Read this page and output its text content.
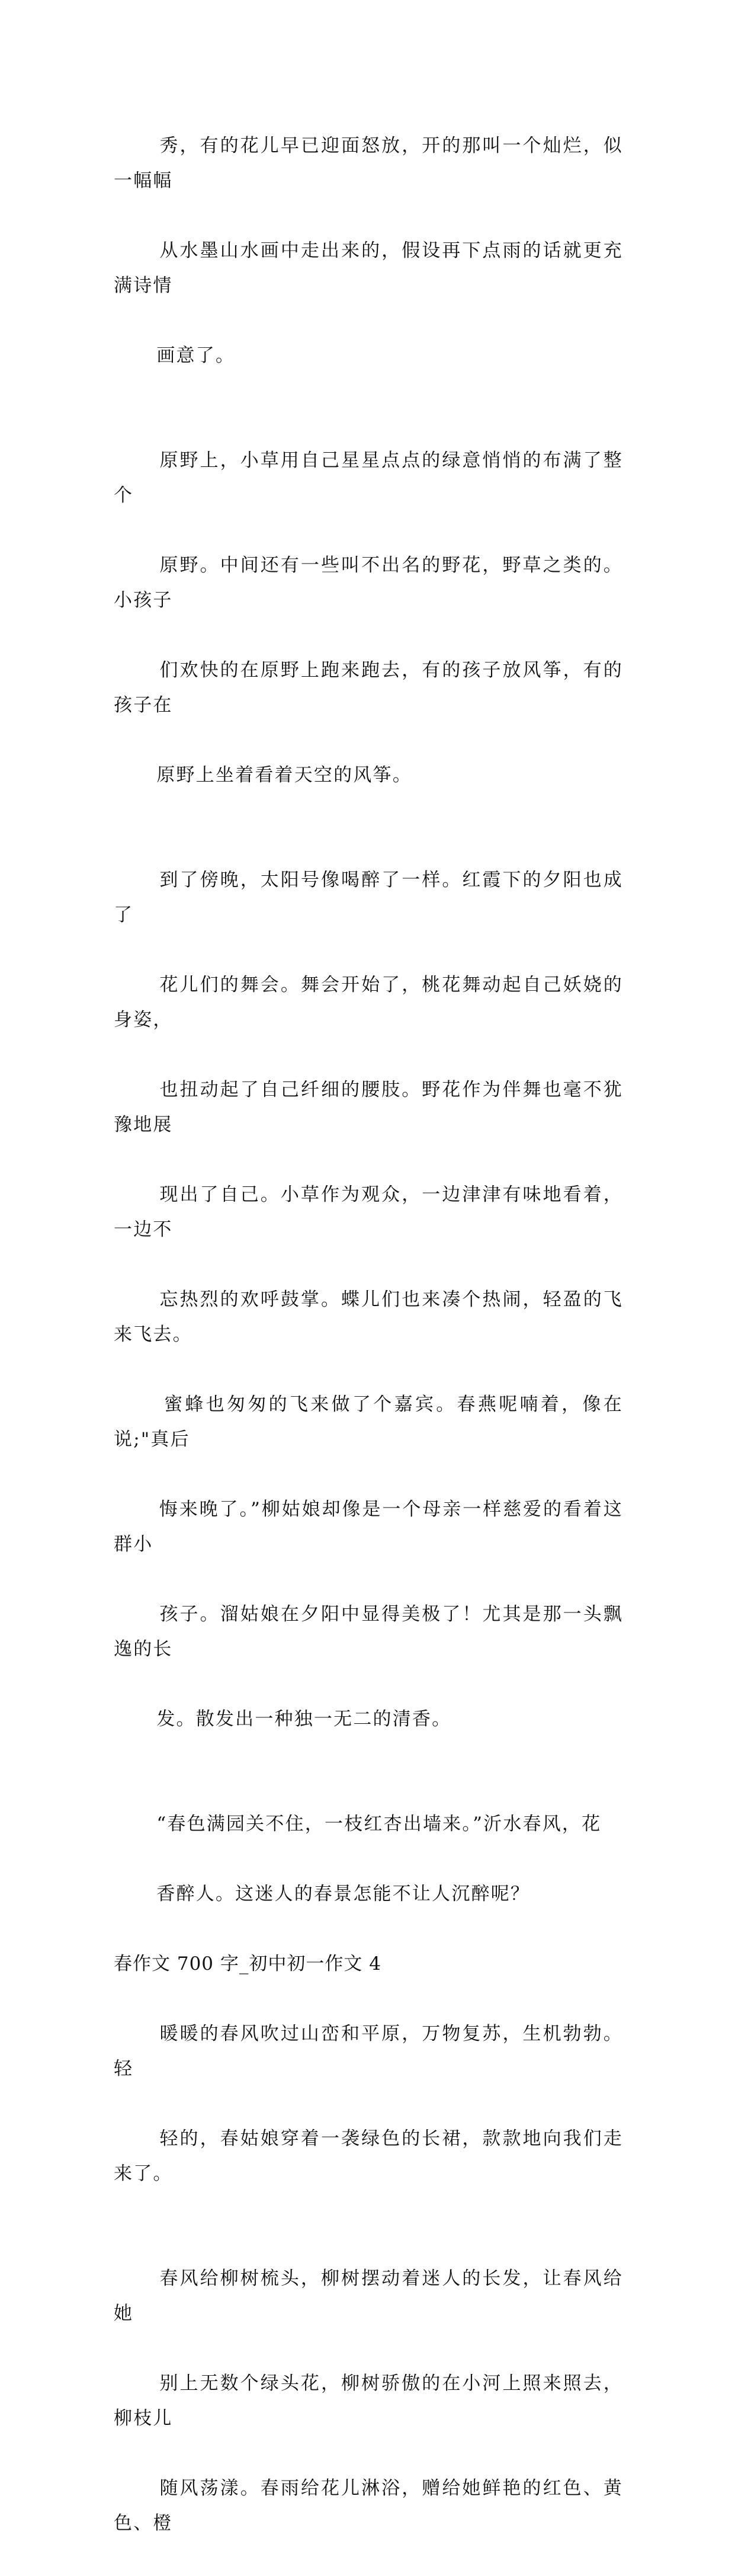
秀，有的花儿早已迎面怒放，开的那叫一个灿烂，似一幅幅

从水墨山水画中走出来的，假设再下点雨的话就更充满诗情

画意了。

原野上，小草用自己星星点点的绿意悄悄的布满了整个

原野。中间还有一些叫不出名的野花，野草之类的。小孩子

们欢快的在原野上跑来跑去，有的孩子放风筝，有的孩子在

原野上坐着看着天空的风筝。

到了傍晚，太阳号像喝醉了一样。红霞下的夕阳也成了

花儿们的舞会。舞会开始了，桃花舞动起自己妖娆的身姿，

也扭动起了自己纤细的腰肢。野花作为伴舞也毫不犹豫地展

现出了自己。小草作为观众，一边津津有味地看着，一边不

忘热烈的欢呼鼓掌。蝶儿们也来凑个热闹，轻盈的飞来飞去。

蜜蜂也匆匆的飞来做了个嘉宾。春燕呢喃着，像在说;"真后

悔来晚了。”柳姑娘却像是一个母亲一样慈爱的看着这群小

孩子。溜姑娘在夕阳中显得美极了！尤其是那一头飘逸的长

发。散发出一种独一无二的清香。

“春色满园关不住，一枝红杏出墙来。”沂水春风，花

香醉人。这迷人的春景怎能不让人沉醉呢？

春作文 700 字_初中初一作文 4

暖暖的春风吹过山峦和平原，万物复苏，生机勃勃。轻

轻的，春姑娘穿着一袭绿色的长裙，款款地向我们走来了。

春风给柳树梳头，柳树摆动着迷人的长发，让春风给她

别上无数个绿头花，柳树骄傲的在小河上照来照去，柳枝儿

随风荡漾。春雨给花儿淋浴，赠给她鲜艳的红色、黄色、橙
